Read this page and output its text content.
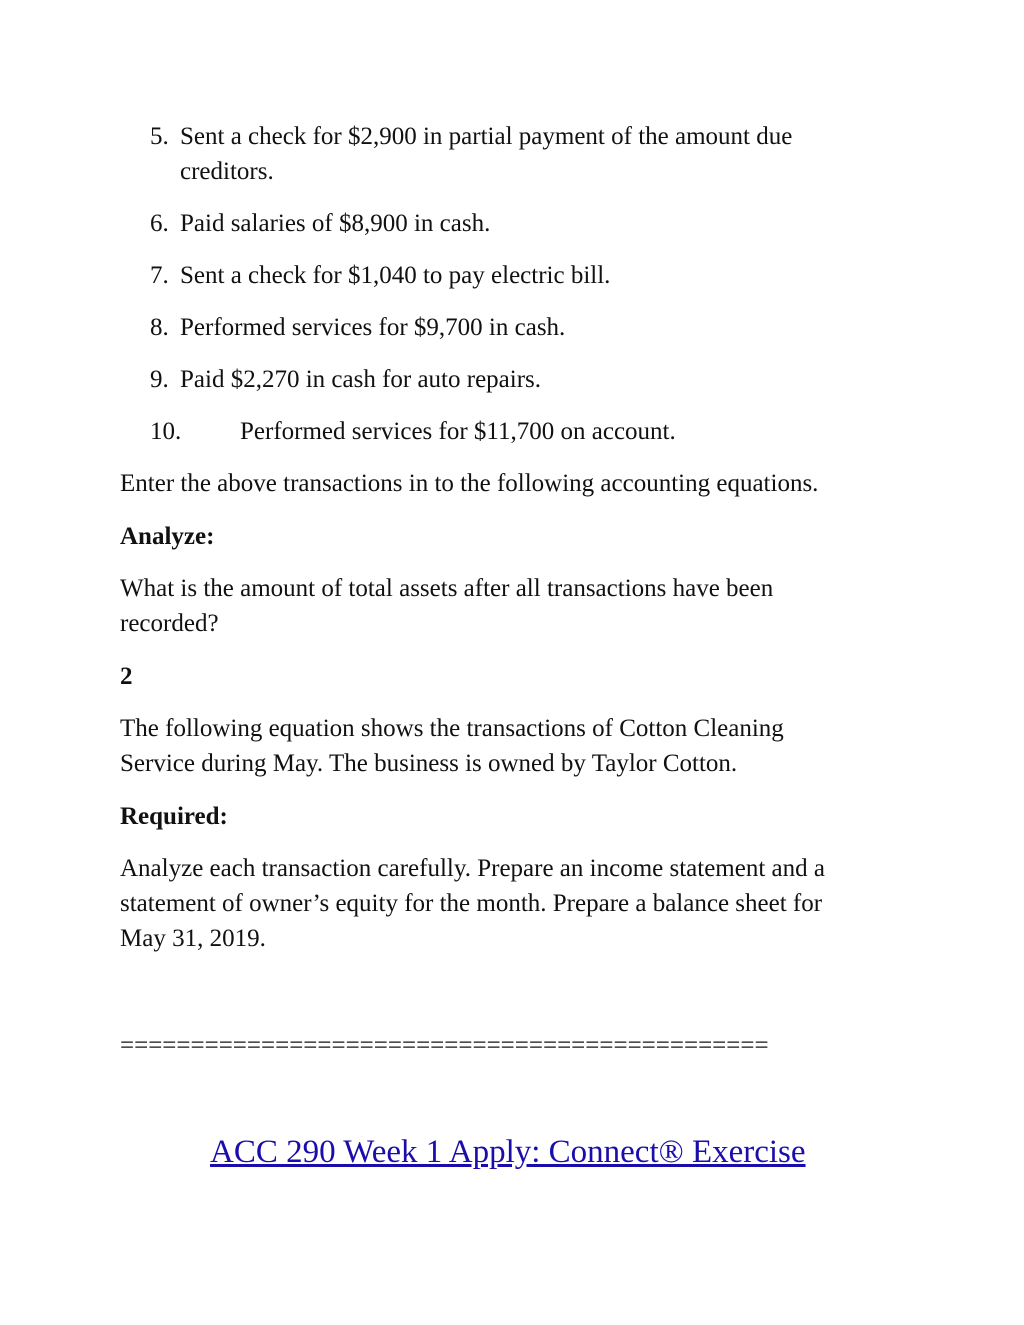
5. Sent a check for $2,900 in partial payment of the amount due
creditors.
6. Paid salaries of $8,900 in cash.
7. Sent a check for $1,040 to pay electric bill.
8. Performed services for $9,700 in cash.
9. Paid $2,270 in cash for auto repairs.
10. Performed services for $11,700 on account.

Enter the above transactions in to the following accounting equations.

Analyze:

What is the amount of total assets after all transactions have been

recorded?

2

The following equation shows the transactions of Cotton Cleaning

Service during May. The business is owned by Taylor Cotton.

Required:

Analyze each transaction carefully. Prepare an income statement and a

statement of owner’s equity for the month. Prepare a balance sheet for

May 31, 2019.

==============================================

ACC 290 Week 1 Apply: Connect® Exercise
